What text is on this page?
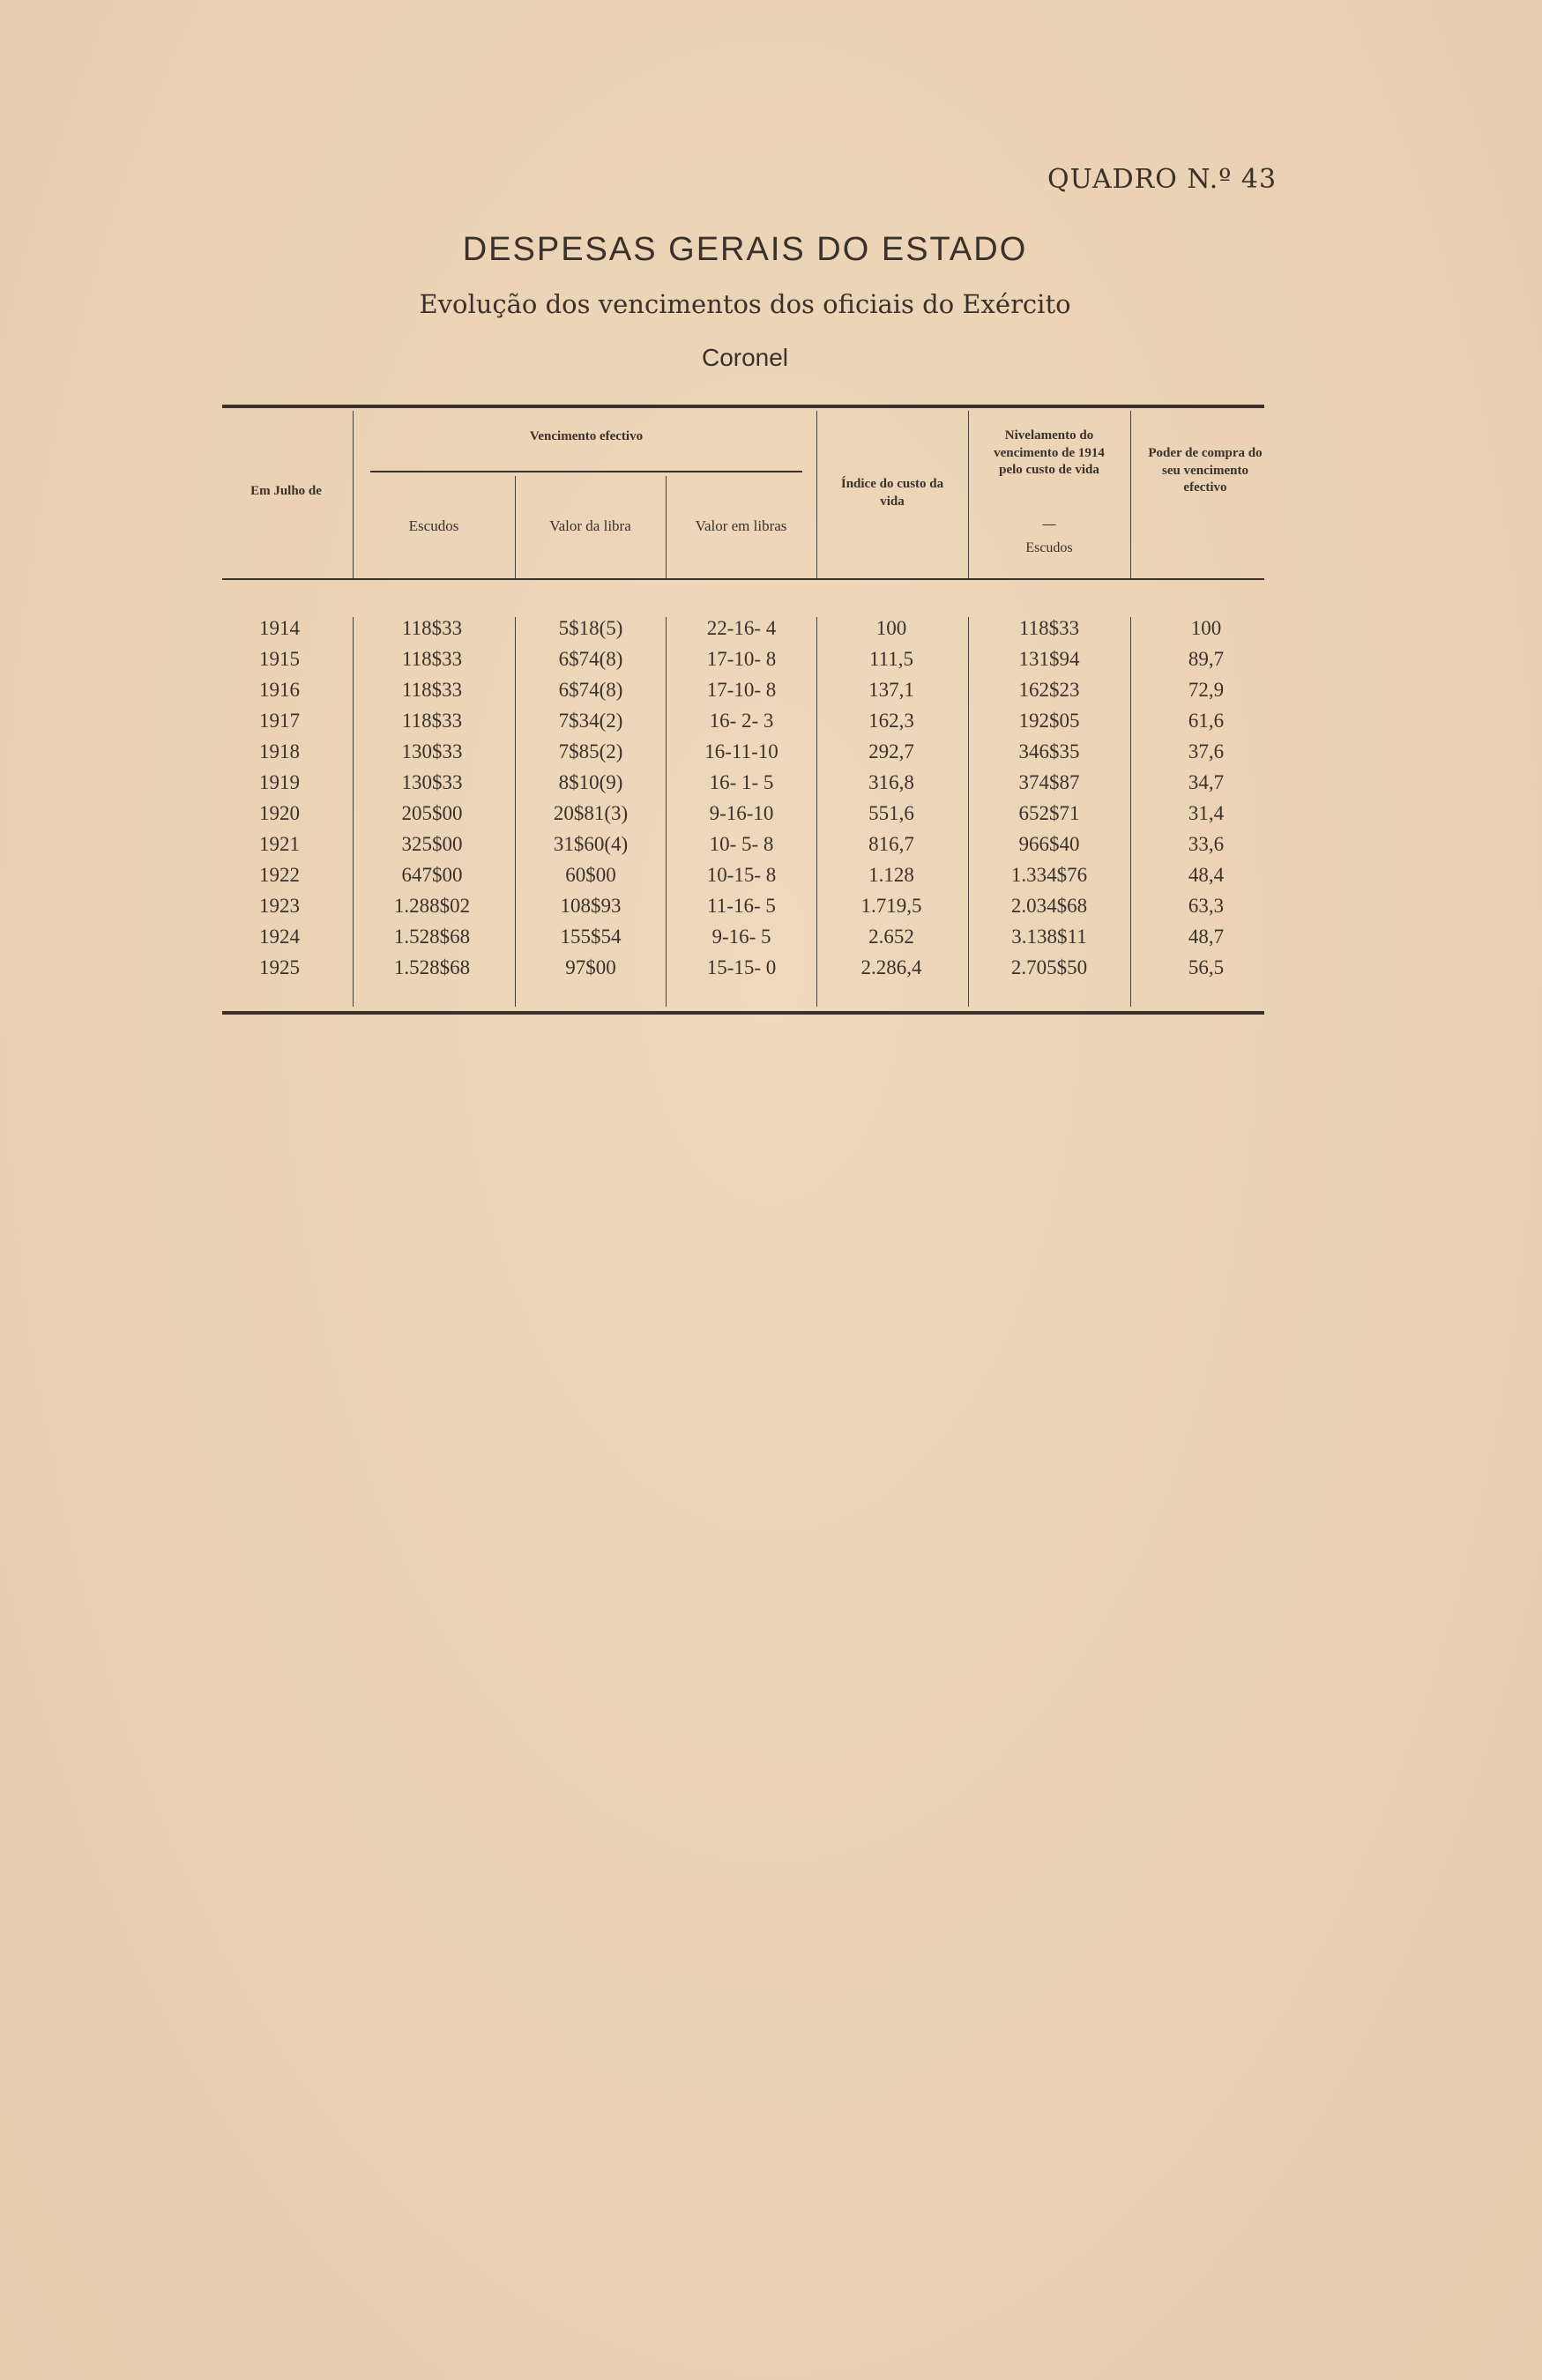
QUADRO N.º 43
DESPESAS GERAIS DO ESTADO
Evolução dos vencimentos dos oficiais do Exército
Coronel
Em Julho de
Vencimento efectivo
Escudos	Valor da libra	Valor em libras
Índice do custo da vida
Nivelamento do vencimento de 1914 pelo custo de vida
—
Escudos
Poder de compra do seu vencimento efectivo
1914	118$33	5$18(5)	22-16- 4	100	118$33	100
1915	118$33	6$74(8)	17-10- 8	111,5	131$94	89,7
1916	118$33	6$74(8)	17-10- 8	137,1	162$23	72,9
1917	118$33	7$34(2)	16- 2- 3	162,3	192$05	61,6
1918	130$33	7$85(2)	16-11-10	292,7	346$35	37,6
1919	130$33	8$10(9)	16- 1- 5	316,8	374$87	34,7
1920	205$00	20$81(3)	9-16-10	551,6	652$71	31,4
1921	325$00	31$60(4)	10- 5- 8	816,7	966$40	33,6
1922	647$00	60$00	10-15- 8	1.128	1.334$76	48,4
1923	1.288$02	108$93	11-16- 5	1.719,5	2.034$68	63,3
1924	1.528$68	155$54	9-16- 5	2.652	3.138$11	48,7
1925	1.528$68	97$00	15-15- 0	2.286,4	2.705$50	56,5
